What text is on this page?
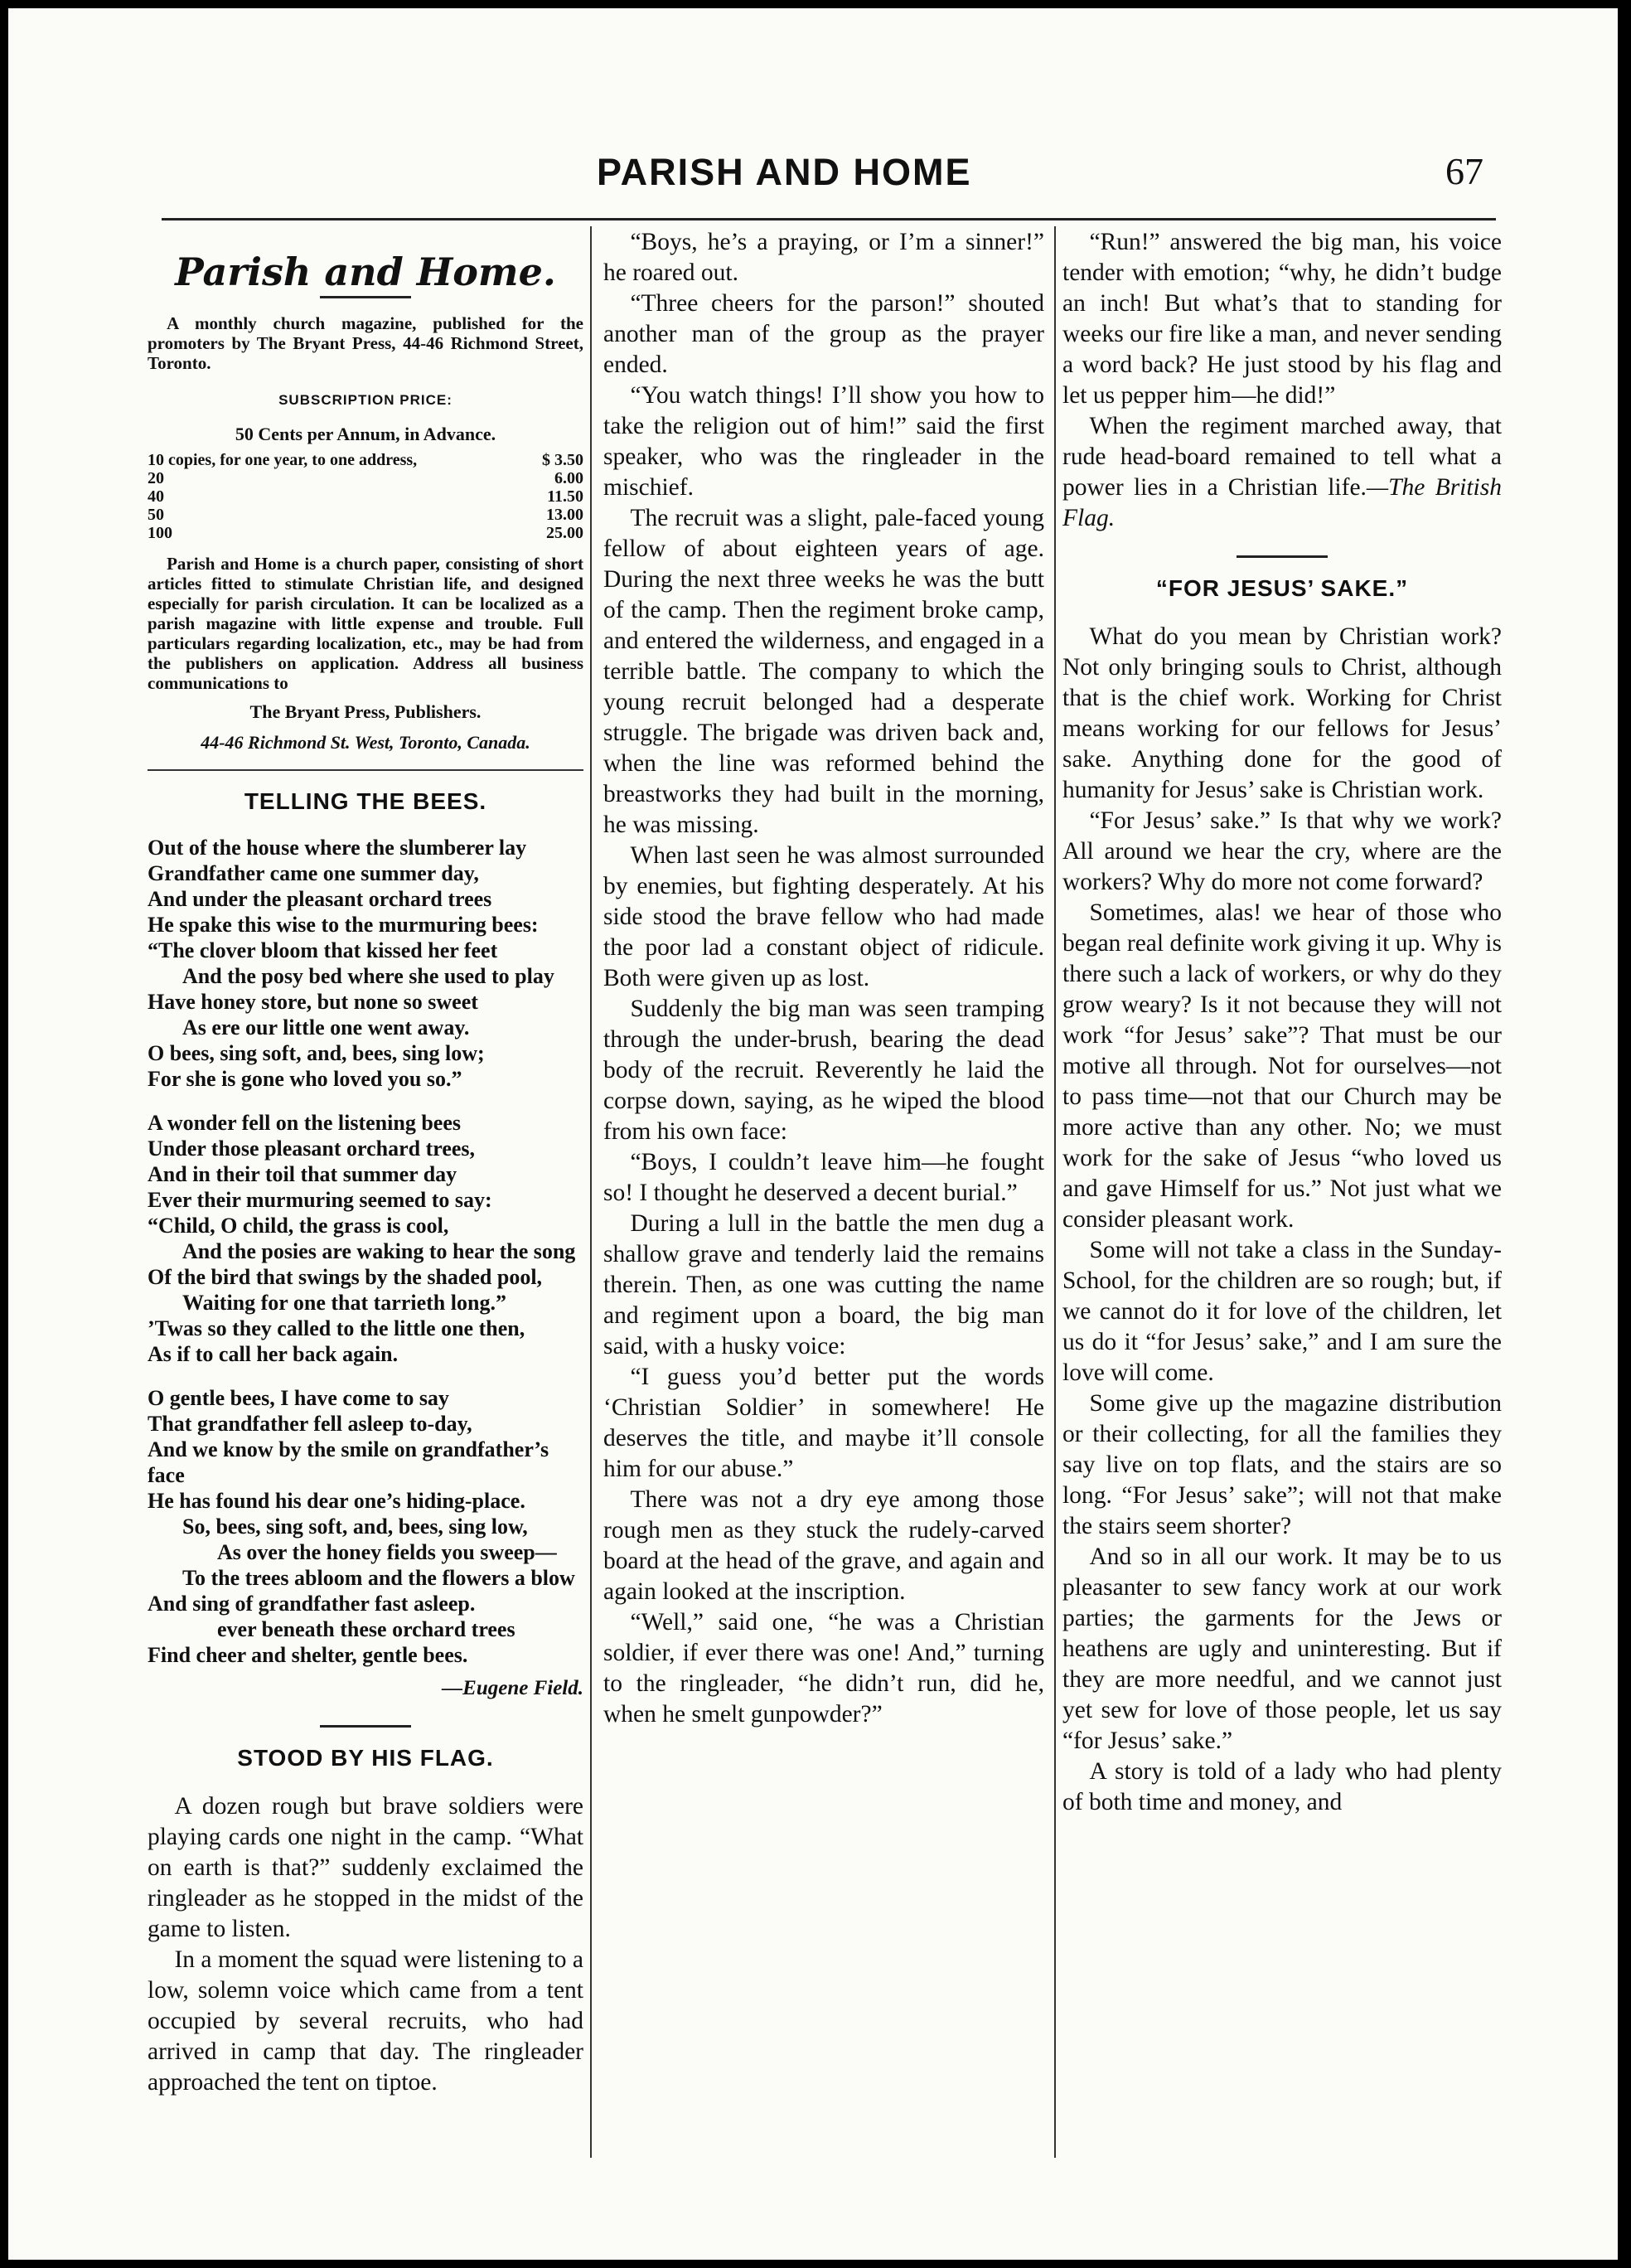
PARISH AND HOME	67
Parish and Home.

A monthly church magazine, published for the promoters by The Bryant Press, 44-46 Richmond Street, Toronto.

SUBSCRIPTION PRICE:
50 Cents per Annum, in Advance.
10 copies, for one year, to one address,	$ 3.50
20	6.00
40	11.50
50	13.00
100	25.00

Parish and Home is a church paper, consisting of short articles fitted to stimulate Christian life, and designed especially for parish circulation. It can be localized as a parish magazine with little expense and trouble. Full particulars regarding localization, etc., may be had from the publishers on application. Address all business communications to

The Bryant Press, Publishers.
44-46 Richmond St. West, Toronto, Canada.
TELLING THE BEES.
Out of the house where the slumberer lay
Grandfather came one summer day,
And under the pleasant orchard trees
He spake this wise to the murmuring bees:
“The clover bloom that kissed her feet
And the posy bed where she used to play
Have honey store, but none so sweet
As ere our little one went away.
O bees, sing soft, and, bees, sing low;
For she is gone who loved you so.”
A wonder fell on the listening bees
Under those pleasant orchard trees,
And in their toil that summer day
Ever their murmuring seemed to say:
“Child, O child, the grass is cool,
And the posies are waking to hear the song
Of the bird that swings by the shaded pool,
Waiting for one that tarrieth long.”
’Twas so they called to the little one then,
As if to call her back again.
O gentle bees, I have come to say
That grandfather fell asleep to-day,
And we know by the smile on grandfather’s face
He has found his dear one’s hiding-place.
So, bees, sing soft, and, bees, sing low,
As over the honey fields you sweep—
To the trees abloom and the flowers a blow
And sing of grandfather fast asleep.
ever beneath these orchard trees
Find cheer and shelter, gentle bees.
—Eugene Field.
STOOD BY HIS FLAG.

A dozen rough but brave soldiers were playing cards one night in the camp. “What on earth is that?” suddenly exclaimed the ringleader as he stopped in the midst of the game to listen.

In a moment the squad were listening to a low, solemn voice which came from a tent occupied by several recruits, who had arrived in camp that day. The ringleader approached the tent on tiptoe.

“Boys, he’s a praying, or I’m a sinner!” he roared out.

“Three cheers for the parson!” shouted another man of the group as the prayer ended.

“You watch things! I’ll show you how to take the religion out of him!” said the first speaker, who was the ringleader in the mischief.

The recruit was a slight, pale-faced young fellow of about eighteen years of age. During the next three weeks he was the butt of the camp. Then the regiment broke camp, and entered the wilderness, and engaged in a terrible battle. The company to which the young recruit belonged had a desperate struggle. The brigade was driven back and, when the line was reformed behind the breastworks they had built in the morning, he was missing.

When last seen he was almost surrounded by enemies, but fighting desperately. At his side stood the brave fellow who had made the poor lad a constant object of ridicule. Both were given up as lost.

Suddenly the big man was seen tramping through the under-brush, bearing the dead body of the recruit. Reverently he laid the corpse down, saying, as he wiped the blood from his own face:

“Boys, I couldn’t leave him—he fought so! I thought he deserved a decent burial.”

During a lull in the battle the men dug a shallow grave and tenderly laid the remains therein. Then, as one was cutting the name and regiment upon a board, the big man said, with a husky voice:

“I guess you’d better put the words ‘Christian Soldier’ in somewhere! He deserves the title, and maybe it’ll console him for our abuse.”

There was not a dry eye among those rough men as they stuck the rudely-carved board at the head of the grave, and again and again looked at the inscription.

“Well,” said one, “he was a Christian soldier, if ever there was one! And,” turning to the ringleader, “he didn’t run, did he, when he smelt gunpowder?”

“Run!” answered the big man, his voice tender with emotion; “why, he didn’t budge an inch! But what’s that to standing for weeks our fire like a man, and never sending a word back? He just stood by his flag and let us pepper him—he did!”

When the regiment marched away, that rude head-board remained to tell what a power lies in a Christian life.—The British Flag.

“FOR JESUS’ SAKE.”

What do you mean by Christian work? Not only bringing souls to Christ, although that is the chief work. Working for Christ means working for our fellows for Jesus’ sake. Anything done for the good of humanity for Jesus’ sake is Christian work.

“For Jesus’ sake.” Is that why we work? All around we hear the cry, where are the workers? Why do more not come forward?

Sometimes, alas! we hear of those who began real definite work giving it up. Why is there such a lack of workers, or why do they grow weary? Is it not because they will not work “for Jesus’ sake”? That must be our motive all through. Not for ourselves—not to pass time—not that our Church may be more active than any other. No; we must work for the sake of Jesus “who loved us and gave Himself for us.” Not just what we consider pleasant work.

Some will not take a class in the Sunday-School, for the children are so rough; but, if we cannot do it for love of the children, let us do it “for Jesus’ sake,” and I am sure the love will come.

Some give up the magazine distribution or their collecting, for all the families they say live on top flats, and the stairs are so long. “For Jesus’ sake”; will not that make the stairs seem shorter?

And so in all our work. It may be to us pleasanter to sew fancy work at our work parties; the garments for the Jews or heathens are ugly and uninteresting. But if they are more needful, and we cannot just yet sew for love of those people, let us say “for Jesus’ sake.”

A story is told of a lady who had plenty of both time and money, and
